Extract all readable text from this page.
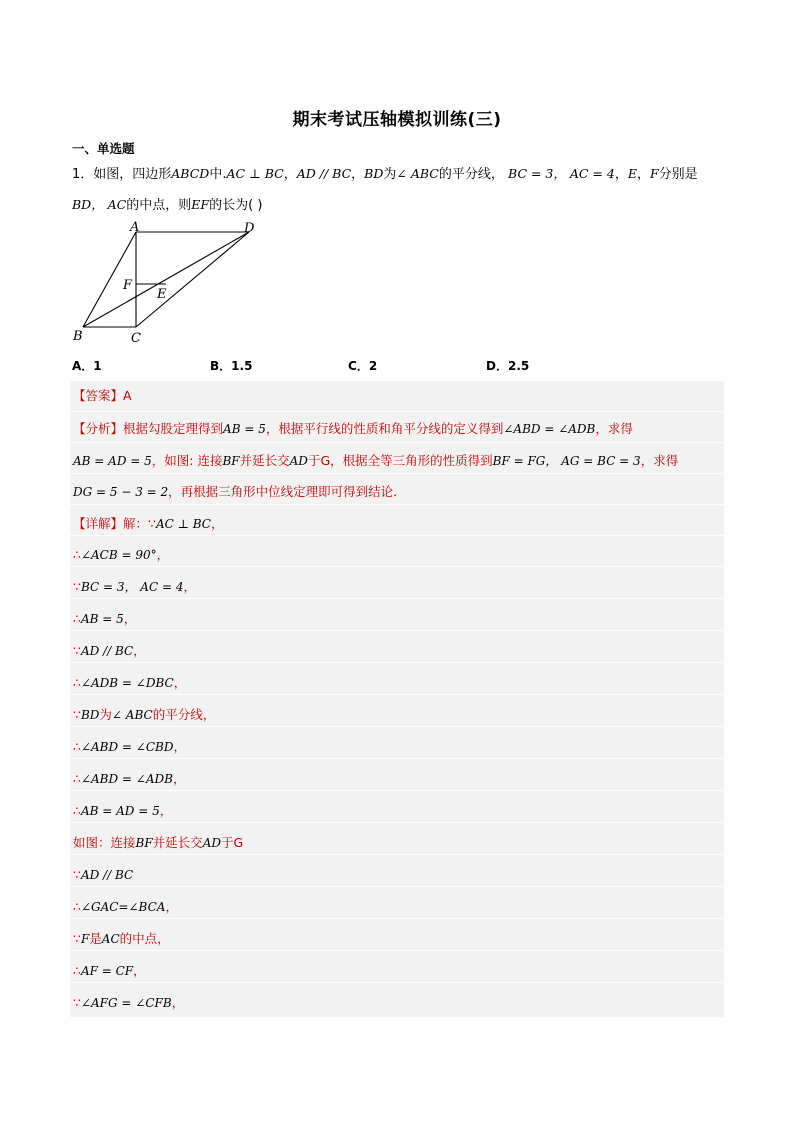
期末考试压轴模拟训练(三)
一、单选题
1．如图，四边形ABCD中.AC ⊥ BC，AD // BC，BD为∠ ABC的平分线， BC = 3， AC = 4，E，F分别是
BD， AC的中点，则EF的长为( )
A	D
F
E
B	C
A．1	B．1.5	C．2	D．2.5
【答案】A
【分析】根据勾股定理得到AB = 5，根据平行线的性质和角平分线的定义得到∠ABD = ∠ADB，求得
AB = AD = 5，如图: 连接BF并延长交AD于G，根据全等三角形的性质得到BF = FG， AG = BC = 3，求得
DG = 5 − 3 = 2，再根据三角形中位线定理即可得到结论．
【详解】解：∵AC ⊥ BC，
∴∠ACB = 90°，
∵BC = 3， AC = 4，
∴AB = 5，
∵AD // BC，
∴∠ADB = ∠DBC，
∵BD为∠ ABC的平分线，
∴∠ABD = ∠CBD，
∴∠ABD = ∠ADB，
∴AB = AD = 5，
如图：连接BF并延长交AD于G
∵AD // BC
∴∠GAC=∠BCA，
∵F是AC的中点，
∴AF = CF，
∵∠AFG = ∠CFB，
